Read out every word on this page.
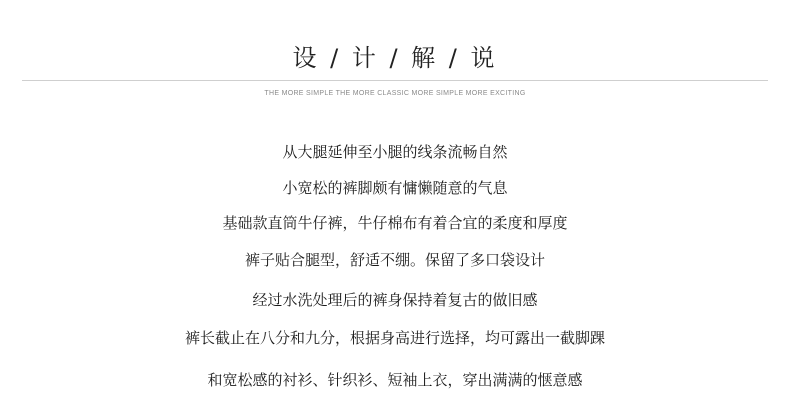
设 / 计 / 解 / 说
THE MORE SIMPLE THE MORE CLASSIC MORE SIMPLE MORE EXCITING
从大腿延伸至小腿的线条流畅自然
小宽松的裤脚颇有慵懒随意的气息
基础款直筒牛仔裤，牛仔棉布有着合宜的柔度和厚度
裤子贴合腿型，舒适不绷。保留了多口袋设计
经过水洗处理后的裤身保持着复古的做旧感
裤长截止在八分和九分，根据身高进行选择，均可露出一截脚踝
和宽松感的衬衫、针织衫、短袖上衣，穿出满满的惬意感
